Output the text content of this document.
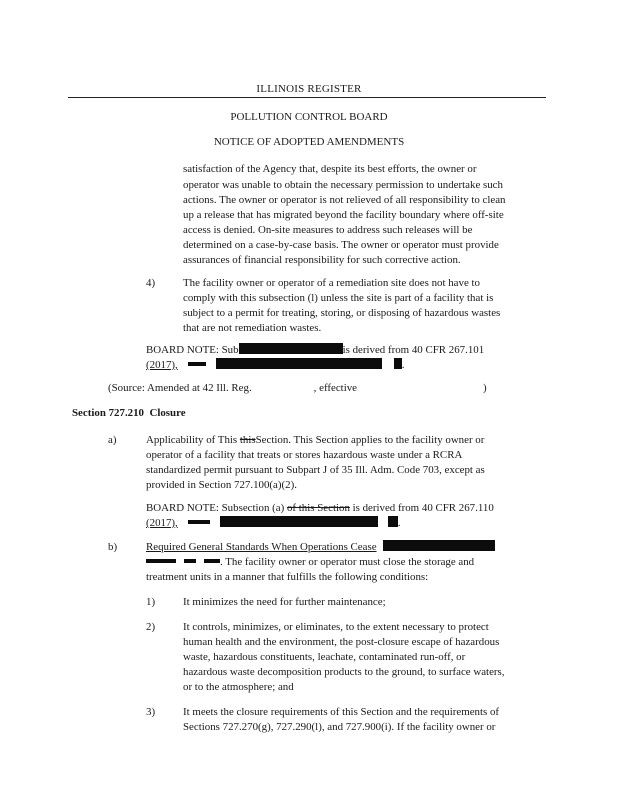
ILLINOIS REGISTER
POLLUTION CONTROL BOARD
NOTICE OF ADOPTED AMENDMENTS
satisfaction of the Agency that, despite its best efforts, the owner or
operator was unable to obtain the necessary permission to undertake such
actions. The owner or operator is not relieved of all responsibility to clean
up a release that has migrated beyond the facility boundary where off-site
access is denied. On-site measures to address such releases will be
determined on a case-by-case basis. The owner or operator must provide
assurances of financial responsibility for such corrective action.
4)	The facility owner or operator of a remediation site does not have to
comply with this subsection (l) unless the site is part of a facility that is
subject to a permit for treating, storing, or disposing of hazardous wastes
that are not remediation wastes.
BOARD NOTE: Sub	is derived from 40 CFR 267.101
(2017),	.
(Source: Amended at 42 Ill. Reg.	, effective	)
Section 727.210 Closure
a)	Applicability of This thisSection. This Section applies to the facility owner or
operator of a facility that treats or stores hazardous waste under a RCRA
standardized permit pursuant to Subpart J of 35 Ill. Adm. Code 703, except as
provided in Section 727.100(a)(2).
BOARD NOTE: Subsection (a) of this Section is derived from 40 CFR 267.110
(2017),	.
b)	Required General Standards When Operations Cease
. The facility owner or operator must close the storage and
treatment units in a manner that fulfills the following conditions:
1)	It minimizes the need for further maintenance;
2)	It controls, minimizes, or eliminates, to the extent necessary to protect
human health and the environment, the post-closure escape of hazardous
waste, hazardous constituents, leachate, contaminated run-off, or
hazardous waste decomposition products to the ground, to surface waters,
or to the atmosphere; and
3)	It meets the closure requirements of this Section and the requirements of
Sections 727.270(g), 727.290(l), and 727.900(i). If the facility owner or
